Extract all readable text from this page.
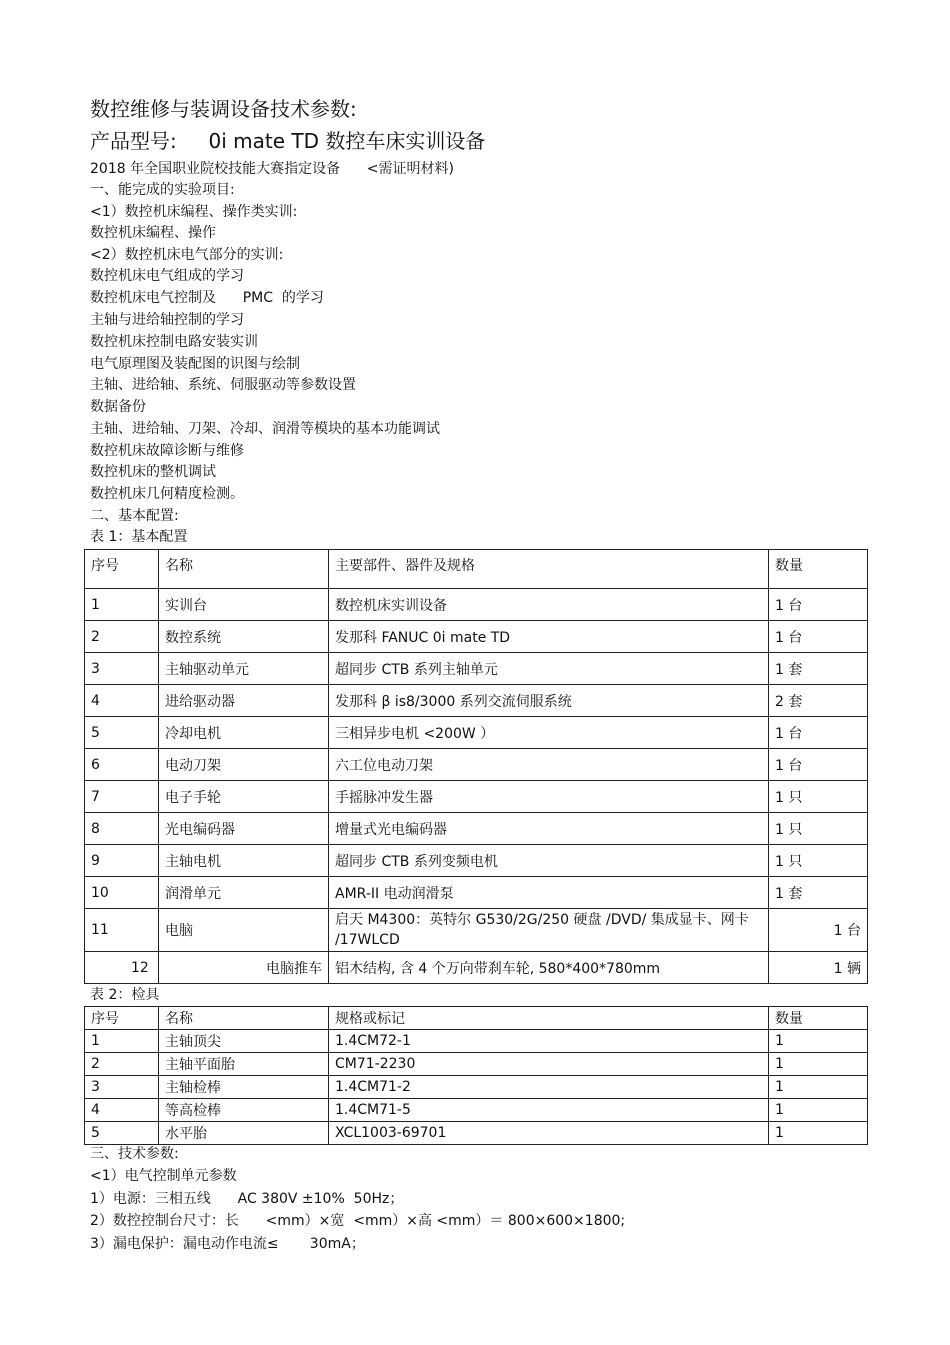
数控维修与装调设备技术参数:
产品型号:     0i mate TD 数控车床实训设备
2018 年全国职业院校技能大赛指定设备      <需证明材料)
一、能完成的实验项目:
<1）数控机床编程、操作类实训:
数控机床编程、操作
<2）数控机床电气部分的实训:
数控机床电气组成的学习
数控机床电气控制及      PMC  的学习
主轴与进给轴控制的学习
数控机床控制电路安装实训
电气原理图及装配图的识图与绘制
主轴、进给轴、系统、伺服驱动等参数设置
数据备份
主轴、进给轴、刀架、冷却、润滑等模块的基本功能调试
数控机床故障诊断与维修
数控机床的整机调试
数控机床几何精度检测。
二、基本配置:
表 1：基本配置
序号	名称	主要部件、器件及规格	数量
1	实训台	数控机床实训设备	1 台
2	数控系统	发那科 FANUC 0i mate TD	1 台
3	主轴驱动单元	超同步 CTB 系列主轴单元	1 套
4	进给驱动器	发那科 β is8/3000 系列交流伺服系统	2 套
5	冷却电机	三相异步电机 <200W ）	1 台
6	电动刀架	六工位电动刀架	1 台
7	电子手轮	手摇脉冲发生器	1 只
8	光电编码器	增量式光电编码器	1 只
9	主轴电机	超同步 CTB 系列变频电机	1 只
10	润滑单元	AMR-II 电动润滑泵	1 套
11	电脑	启天 M4300：英特尔 G530/2G/250 硬盘 /DVD/ 集成显卡、网卡 /17WLCD	1 台
12	电脑推车	铝木结构, 含 4 个万向带刹车轮, 580*400*780mm	1 辆
表 2：检具
序号	名称	规格或标记	数量
1	主轴顶尖	1.4CM72-1	1
2	主轴平面胎	CM71-2230	1
3	主轴检棒	1.4CM71-2	1
4	等高检棒	1.4CM71-5	1
5	水平胎	XCL1003-69701	1
三、技术参数:
<1）电气控制单元参数
1）电源：三相五线      AC 380V ±10%  50Hz；
2）数控控制台尺寸：长      <mm）×宽  <mm）×高 <mm）＝ 800×600×1800;
3）漏电保护：漏电动作电流≤       30mA；
